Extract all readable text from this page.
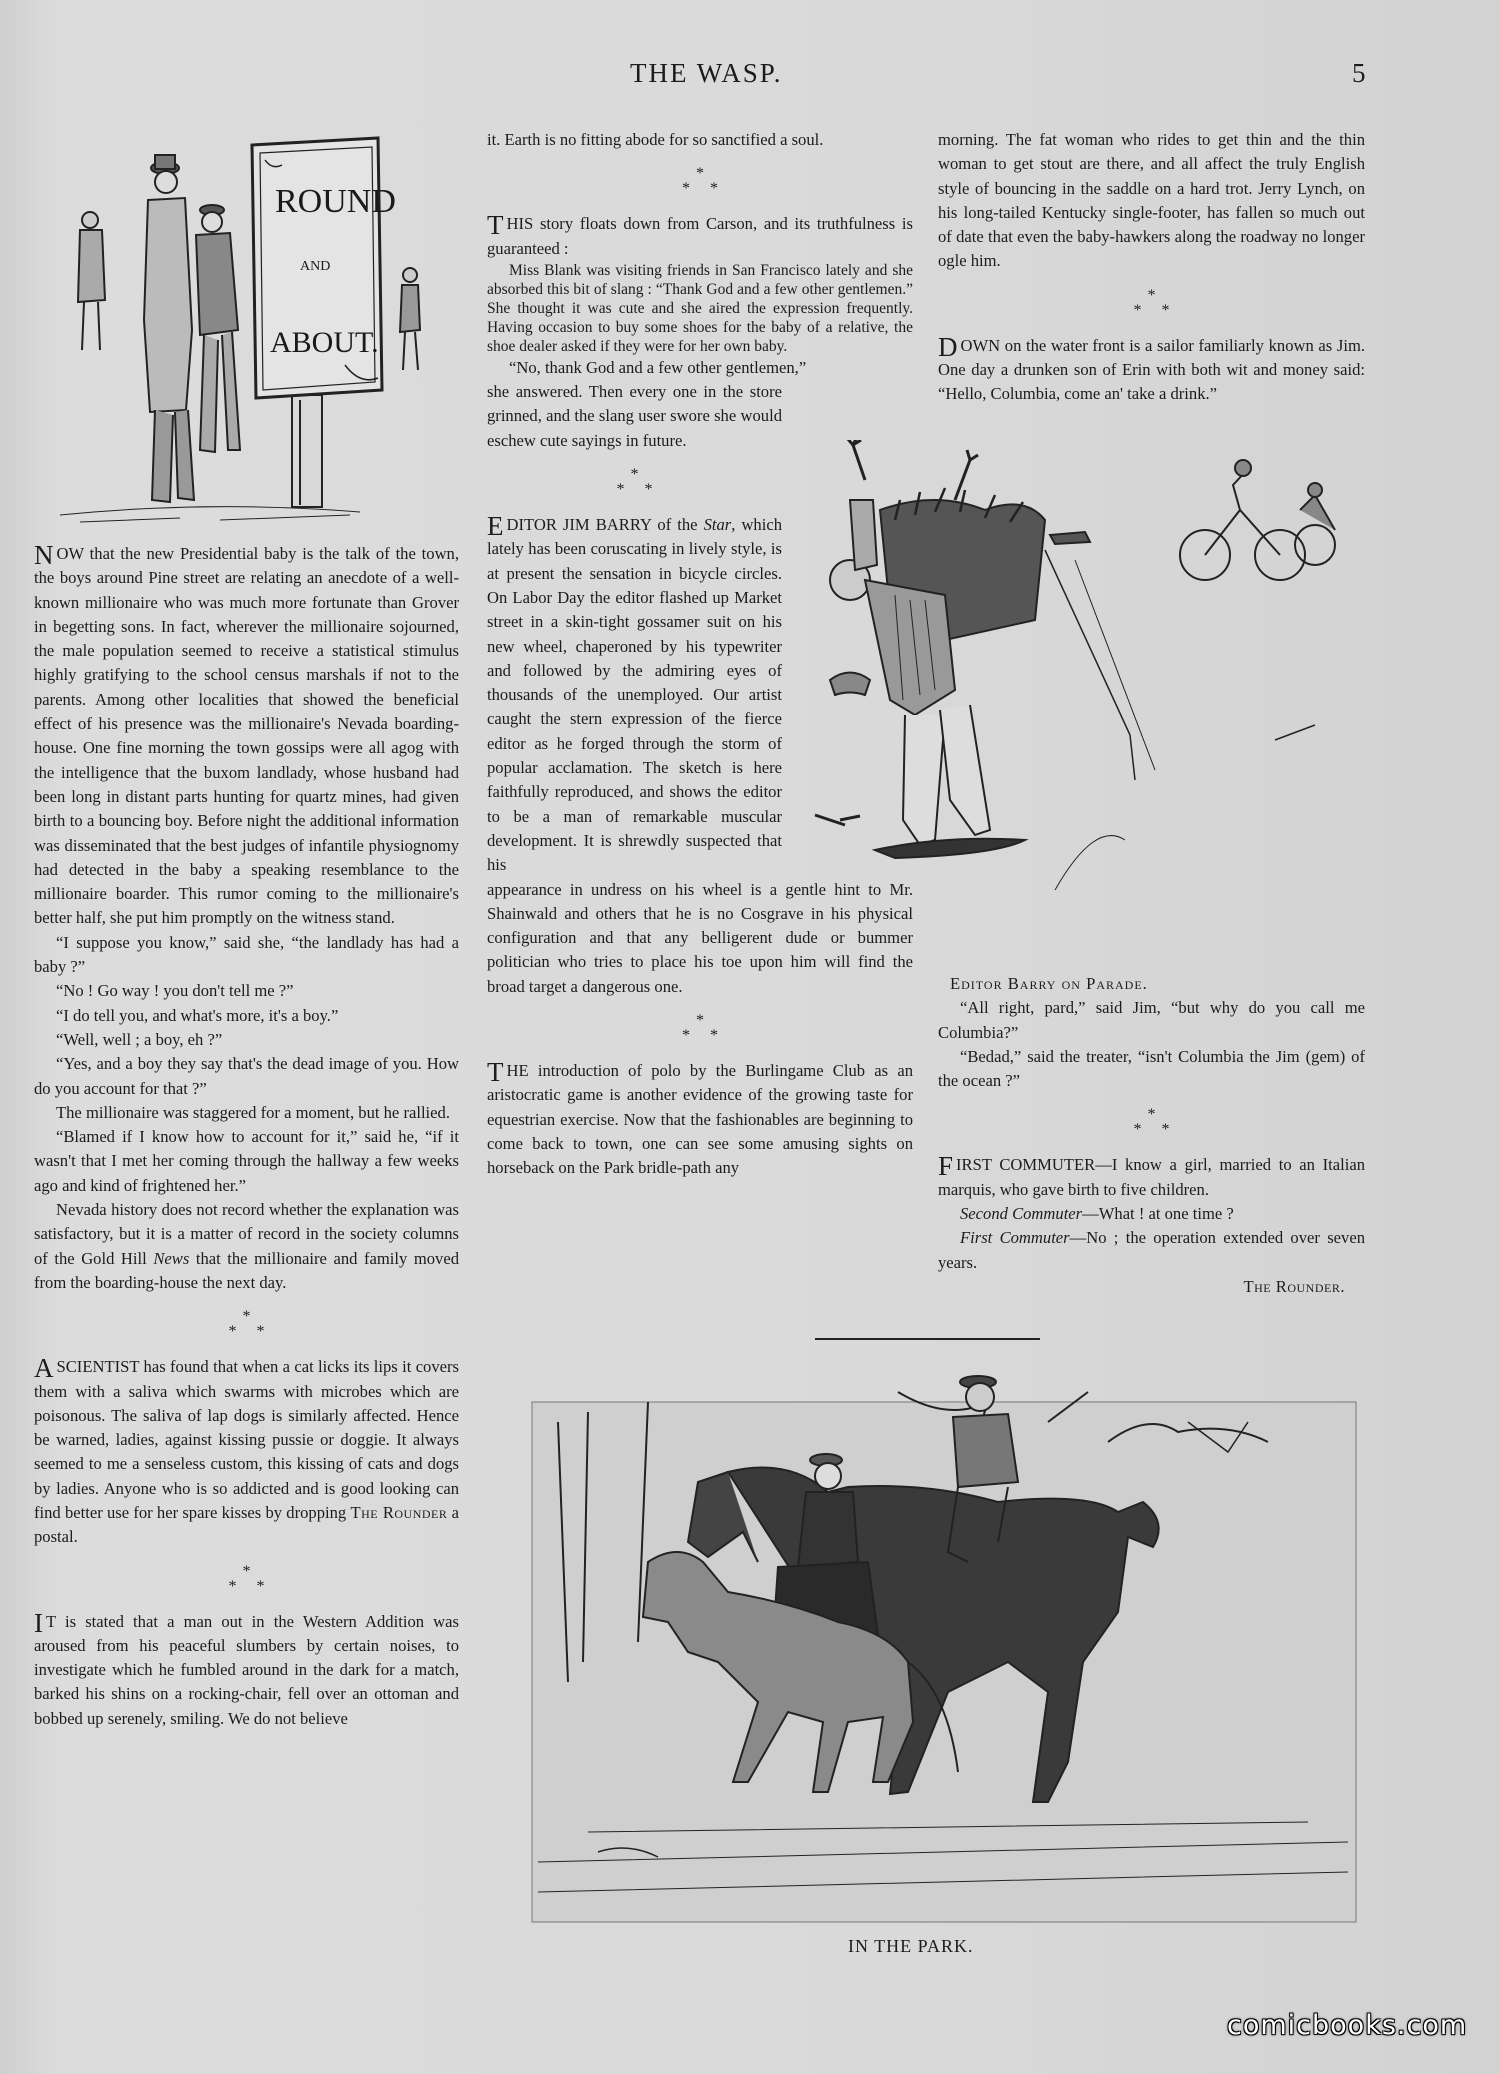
THE WASP.	5
ROUND
AND
ABOUT.

NOW that the new Presidential baby is the talk of the town, the boys around Pine street are relating an anecdote of a well-known millionaire who was much more fortunate than Grover in begetting sons. In fact, wherever the millionaire sojourned, the male population seemed to receive a statistical stimulus highly gratifying to the school census marshals if not to the parents. Among other localities that showed the beneficial effect of his presence was the millionaire's Nevada boarding-house. One fine morning the town gossips were all agog with the intelligence that the buxom landlady, whose husband had been long in distant parts hunting for quartz mines, had given birth to a bouncing boy. Before night the additional information was disseminated that the best judges of infantile physiognomy had detected in the baby a speaking resemblance to the millionaire boarder. This rumor coming to the millionaire's better half, she put him promptly on the witness stand.

“I suppose you know,” said she, “the landlady has had a baby ?”

“No ! Go way ! you don't tell me ?”

“I do tell you, and what's more, it's a boy.”

“Well, well ; a boy, eh ?”

“Yes, and a boy they say that's the dead image of you. How do you account for that ?”

The millionaire was staggered for a moment, but he rallied.

“Blamed if I know how to account for it,” said he, “if it wasn't that I met her coming through the hallway a few weeks ago and kind of frightened her.”

Nevada history does not record whether the explanation was satisfactory, but it is a matter of record in the society columns of the Gold Hill News that the millionaire and family moved from the boarding-house the next day.

*
*     *

A SCIENTIST has found that when a cat licks its lips it covers them with a saliva which swarms with microbes which are poisonous. The saliva of lap dogs is similarly affected. Hence be warned, ladies, against kissing pussie or doggie. It always seemed to me a senseless custom, this kissing of cats and dogs by ladies. Anyone who is so addicted and is good looking can find better use for her spare kisses by dropping The Rounder a postal.

*
*     *

I T is stated that a man out in the Western Addition was aroused from his peaceful slumbers by certain noises, to investigate which he fumbled around in the dark for a match, barked his shins on a rocking-chair, fell over an ottoman and bobbed up serenely, smiling. We do not believe

it. Earth is no fitting abode for so sanctified a soul.

*
*     *

THIS story floats down from Carson, and its truthfulness is guaranteed :

Miss Blank was visiting friends in San Francisco lately and she absorbed this bit of slang : “Thank God and a few other gentlemen.” She thought it was cute and she aired the expression frequently. Having occasion to buy some shoes for the baby of a relative, the shoe dealer asked if they were for her own baby.

“No, thank God and a few other gentlemen,”

she answered. Then every one in the store grinned, and the slang user swore she would eschew cute sayings in future.

*
*     *

EDITOR JIM BARRY of the Star, which lately has been coruscating in lively style, is at present the sensation in bicycle circles. On Labor Day the editor flashed up Market street in a skin-tight gossamer suit on his new wheel, chaperoned by his typewriter and followed by the admiring eyes of thousands of the unemployed. Our artist caught the stern expression of the fierce editor as he forged through the storm of popular acclamation. The sketch is here faithfully reproduced, and shows the editor to be a man of remarkable muscular development. It is shrewdly suspected that his

appearance in undress on his wheel is a gentle hint to Mr. Shainwald and others that he is no Cosgrave in his physical configuration and that any belligerent dude or bummer politician who tries to place his toe upon him will find the broad target a dangerous one.

*
*     *

THE introduction of polo by the Burlingame Club as an aristocratic game is another evidence of the growing taste for equestrian exercise. Now that the fashionables are beginning to come back to town, one can see some amusing sights on horseback on the Park bridle-path any

morning. The fat woman who rides to get thin and the thin woman to get stout are there, and all affect the truly English style of bouncing in the saddle on a hard trot. Jerry Lynch, on his long-tailed Kentucky single-footer, has fallen so much out of date that even the baby-hawkers along the roadway no longer ogle him.

*
*     *

DOWN on the water front is a sailor familiarly known as Jim. One day a drunken son of Erin with both wit and money said: “Hello, Columbia, come an' take a drink.”

Editor Barry on Parade.

“All right, pard,” said Jim, “but why do you call me Columbia?”

“Bedad,” said the treater, “isn't Columbia the Jim (gem) of the ocean ?”

*
*     *

FIRST COMMUTER—I know a girl, married to an Italian marquis, who gave birth to five children.

Second Commuter—What ! at one time ?

First Commuter—No ; the operation extended over seven years.

The Rounder.

IN THE PARK.
comicbooks.com
